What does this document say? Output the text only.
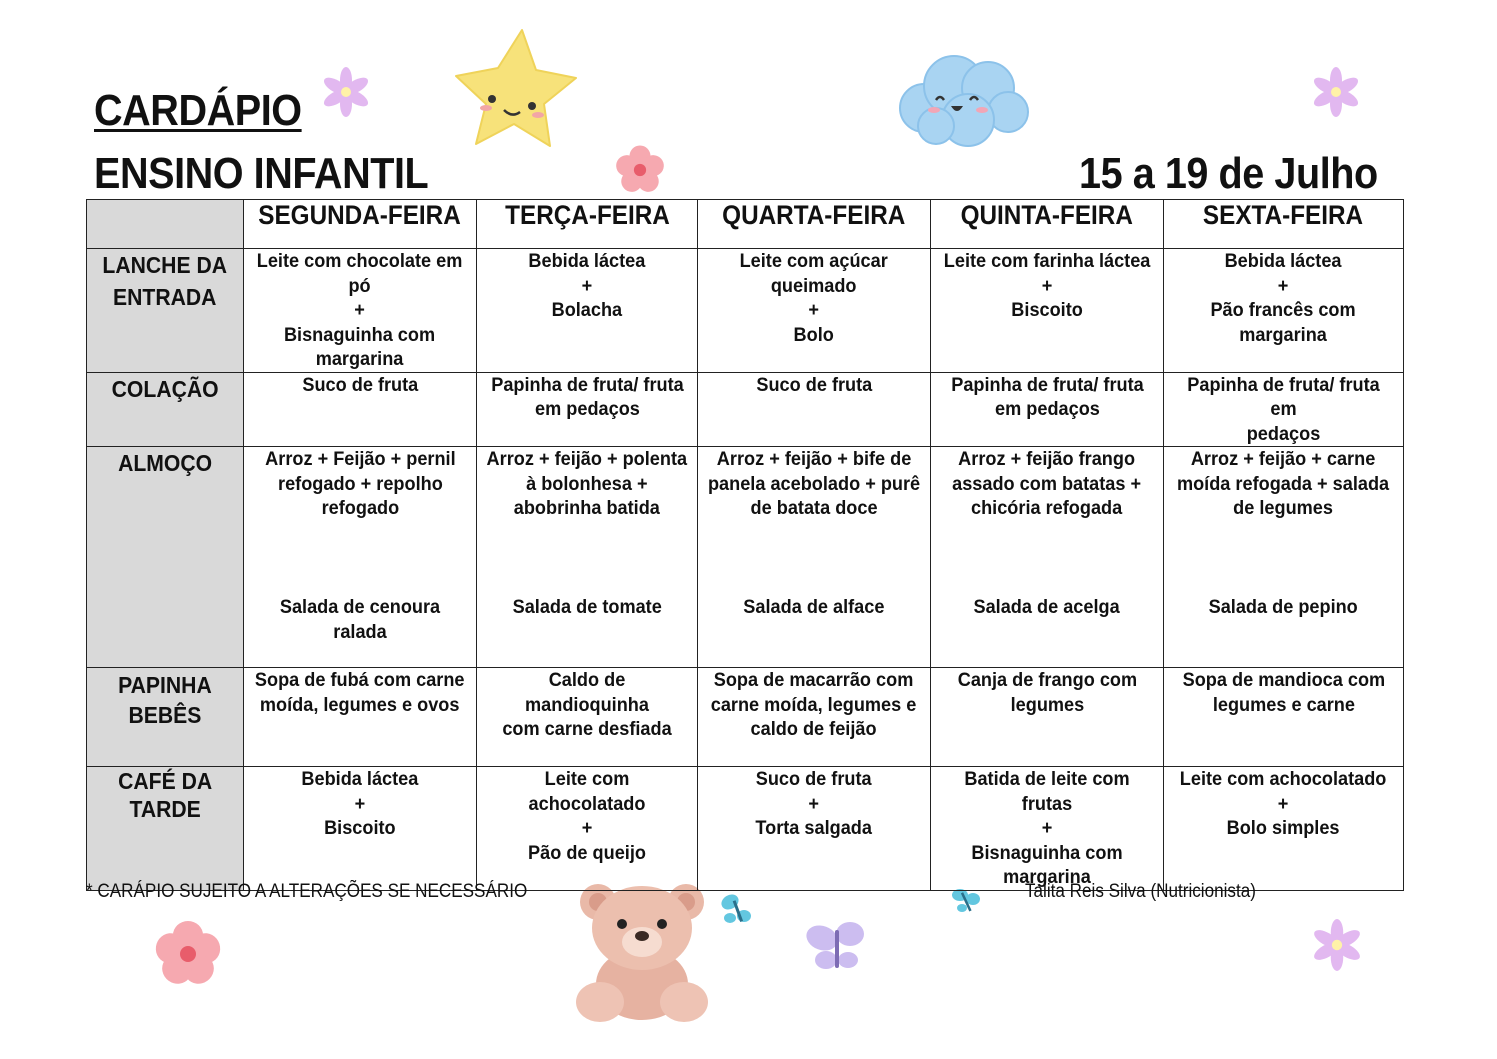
CARDÁPIO
ENSINO INFANTIL	15 a 19 de Julho
	SEGUNDA-FEIRA	TERÇA-FEIRA	QUARTA-FEIRA	QUINTA-FEIRA	SEXTA-FEIRA
LANCHE DA
ENTRADA	Leite com chocolate em
pó
+
Bisnaguinha com
margarina	Bebida láctea
+
Bolacha	Leite com açúcar
queimado
+
Bolo	Leite com farinha láctea
+
Biscoito	Bebida láctea
+
Pão francês com
margarina
COLAÇÃO	Suco de fruta	Papinha de fruta/ fruta
em pedaços	Suco de fruta	Papinha de fruta/ fruta
em pedaços	Papinha de fruta/ fruta em
pedaços
ALMOÇO	Arroz + Feijão + pernil
refogado + repolho
refogado
Salada de cenoura ralada	Arroz + feijão + polenta
à bolonhesa +
abobrinha batida
Salada de tomate	Arroz + feijão + bife de
panela acebolado + purê
de batata doce
Salada de alface	Arroz + feijão frango
assado com batatas +
chicória refogada
Salada de acelga	Arroz + feijão + carne
moída refogada + salada
de legumes
Salada de pepino

PAPINHA
BEBÊS	Sopa de fubá com carne
moída, legumes e ovos	Caldo de mandioquinha
com carne desfiada	Sopa de macarrão com
carne moída, legumes e
caldo de feijão	Canja de frango com
legumes	Sopa de mandioca com
legumes e carne
CAFÉ DA
TARDE	Bebida láctea
+
Biscoito	Leite com achocolatado
+
Pão de queijo	Suco de fruta
+
Torta salgada	Batida de leite com frutas
+
Bisnaguinha com
margarina	Leite com achocolatado
+
Bolo simples
* CARÁPIO SUJEITO A ALTERAÇÕES SE NECESSÁRIO	Talita Reis Silva (Nutricionista)
